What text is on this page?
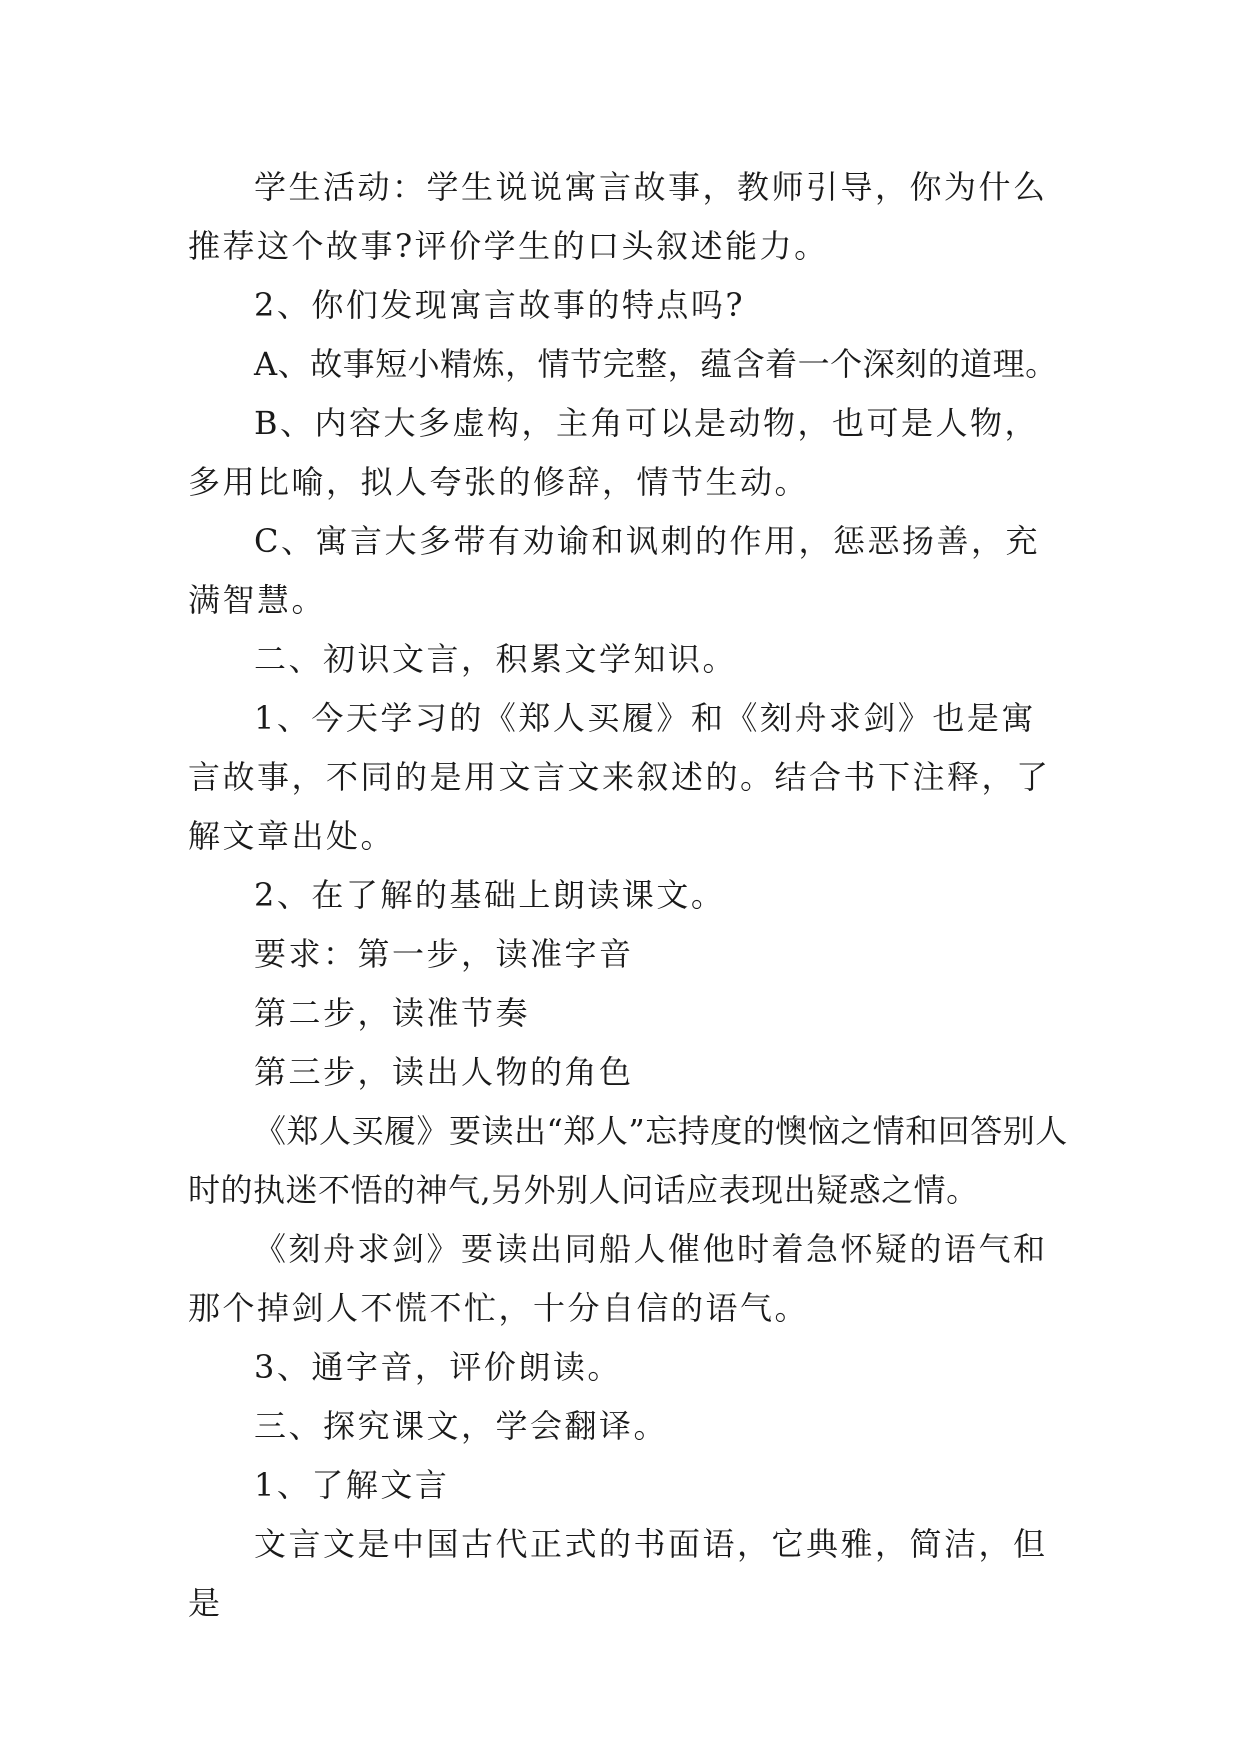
学生活动：学生说说寓言故事，教师引导，你为什么推荐这个故事?评价学生的口头叙述能力。

2、你们发现寓言故事的特点吗?

A、故事短小精炼，情节完整，蕴含着一个深刻的道理。

B、内容大多虚构，主角可以是动物，也可是人物，多用比喻，拟人夸张的修辞，情节生动。

C、寓言大多带有劝谕和讽刺的作用，惩恶扬善，充满智慧。

二、初识文言，积累文学知识。

1、今天学习的《郑人买履》和《刻舟求剑》也是寓言故事，不同的是用文言文来叙述的。结合书下注释，了解文章出处。

2、在了解的基础上朗读课文。

要求：第一步，读准字音

第二步，读准节奏

第三步，读出人物的角色

《郑人买履》要读出“郑人”忘持度的懊恼之情和回答别人时的执迷不悟的神气,另外别人问话应表现出疑惑之情。

《刻舟求剑》要读出同船人催他时着急怀疑的语气和那个掉剑人不慌不忙，十分自信的语气。

3、通字音，评价朗读。

三、探究课文，学会翻译。

1、了解文言

文言文是中国古代正式的书面语，它典雅，简洁，但是
